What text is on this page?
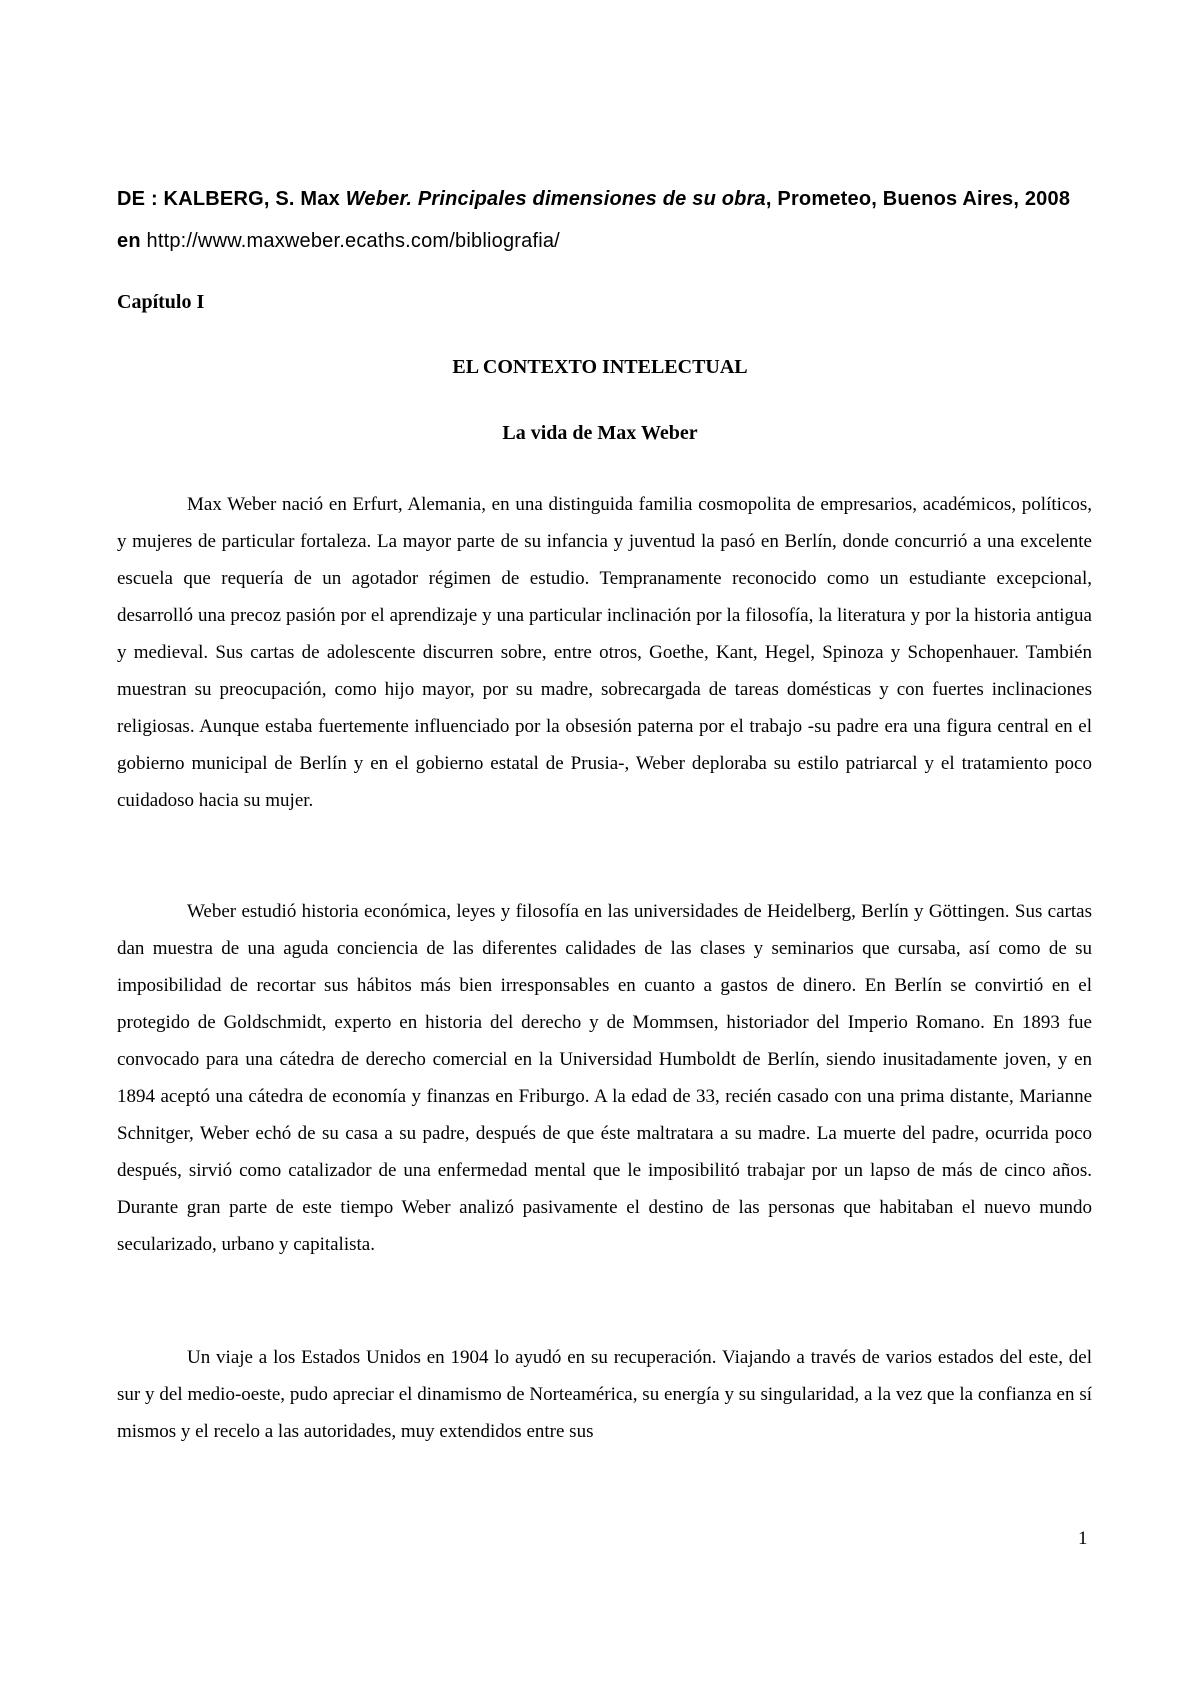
DE : KALBERG, S. Max Weber. Principales dimensiones de su obra, Prometeo, Buenos Aires, 2008 en http://www.maxweber.ecaths.com/bibliografia/
Capítulo I
EL CONTEXTO INTELECTUAL
La vida de Max Weber

Max Weber nació en Erfurt, Alemania, en una distinguida familia cosmopolita de empresarios, académicos, políticos, y mujeres de particular fortaleza. La mayor parte de su infancia y juventud la pasó en Berlín, donde concurrió a una excelente escuela que requería de un agotador régimen de estudio. Tempranamente reconocido como un estudiante excepcional, desarrolló una precoz pasión por el aprendizaje y una particular inclinación por la filosofía, la literatura y por la historia antigua y medieval. Sus cartas de adolescente discurren sobre, entre otros, Goethe, Kant, Hegel, Spinoza y Schopenhauer. También muestran su preocupación, como hijo mayor, por su madre, sobrecargada de tareas domésticas y con fuertes inclinaciones religiosas. Aunque estaba fuertemente influenciado por la obsesión paterna por el trabajo -su padre era una figura central en el gobierno municipal de Berlín y en el gobierno estatal de Prusia-, Weber deploraba su estilo patriarcal y el tratamiento poco cuidadoso hacia su mujer.

Weber estudió historia económica, leyes y filosofía en las universidades de Heidelberg, Berlín y Göttingen. Sus cartas dan muestra de una aguda conciencia de las diferentes calidades de las clases y seminarios que cursaba, así como de su imposibilidad de recortar sus hábitos más bien irresponsables en cuanto a gastos de dinero. En Berlín se convirtió en el protegido de Goldschmidt, experto en historia del derecho y de Mommsen, historiador del Imperio Romano. En 1893 fue convocado para una cátedra de derecho comercial en la Universidad Humboldt de Berlín, siendo inusitadamente joven, y en 1894 aceptó una cátedra de economía y finanzas en Friburgo. A la edad de 33, recién casado con una prima distante, Marianne Schnitger, Weber echó de su casa a su padre, después de que éste maltratara a su madre. La muerte del padre, ocurrida poco después, sirvió como catalizador de una enfermedad mental que le imposibilitó trabajar por un lapso de más de cinco años. Durante gran parte de este tiempo Weber analizó pasivamente el destino de las personas que habitaban el nuevo mundo secularizado, urbano y capitalista.

Un viaje a los Estados Unidos en 1904 lo ayudó en su recuperación. Viajando a través de varios estados del este, del sur y del medio-oeste, pudo apreciar el dinamismo de Norteamérica, su energía y su singularidad, a la vez que la confianza en sí mismos y el recelo a las autoridades, muy extendidos entre sus

1
